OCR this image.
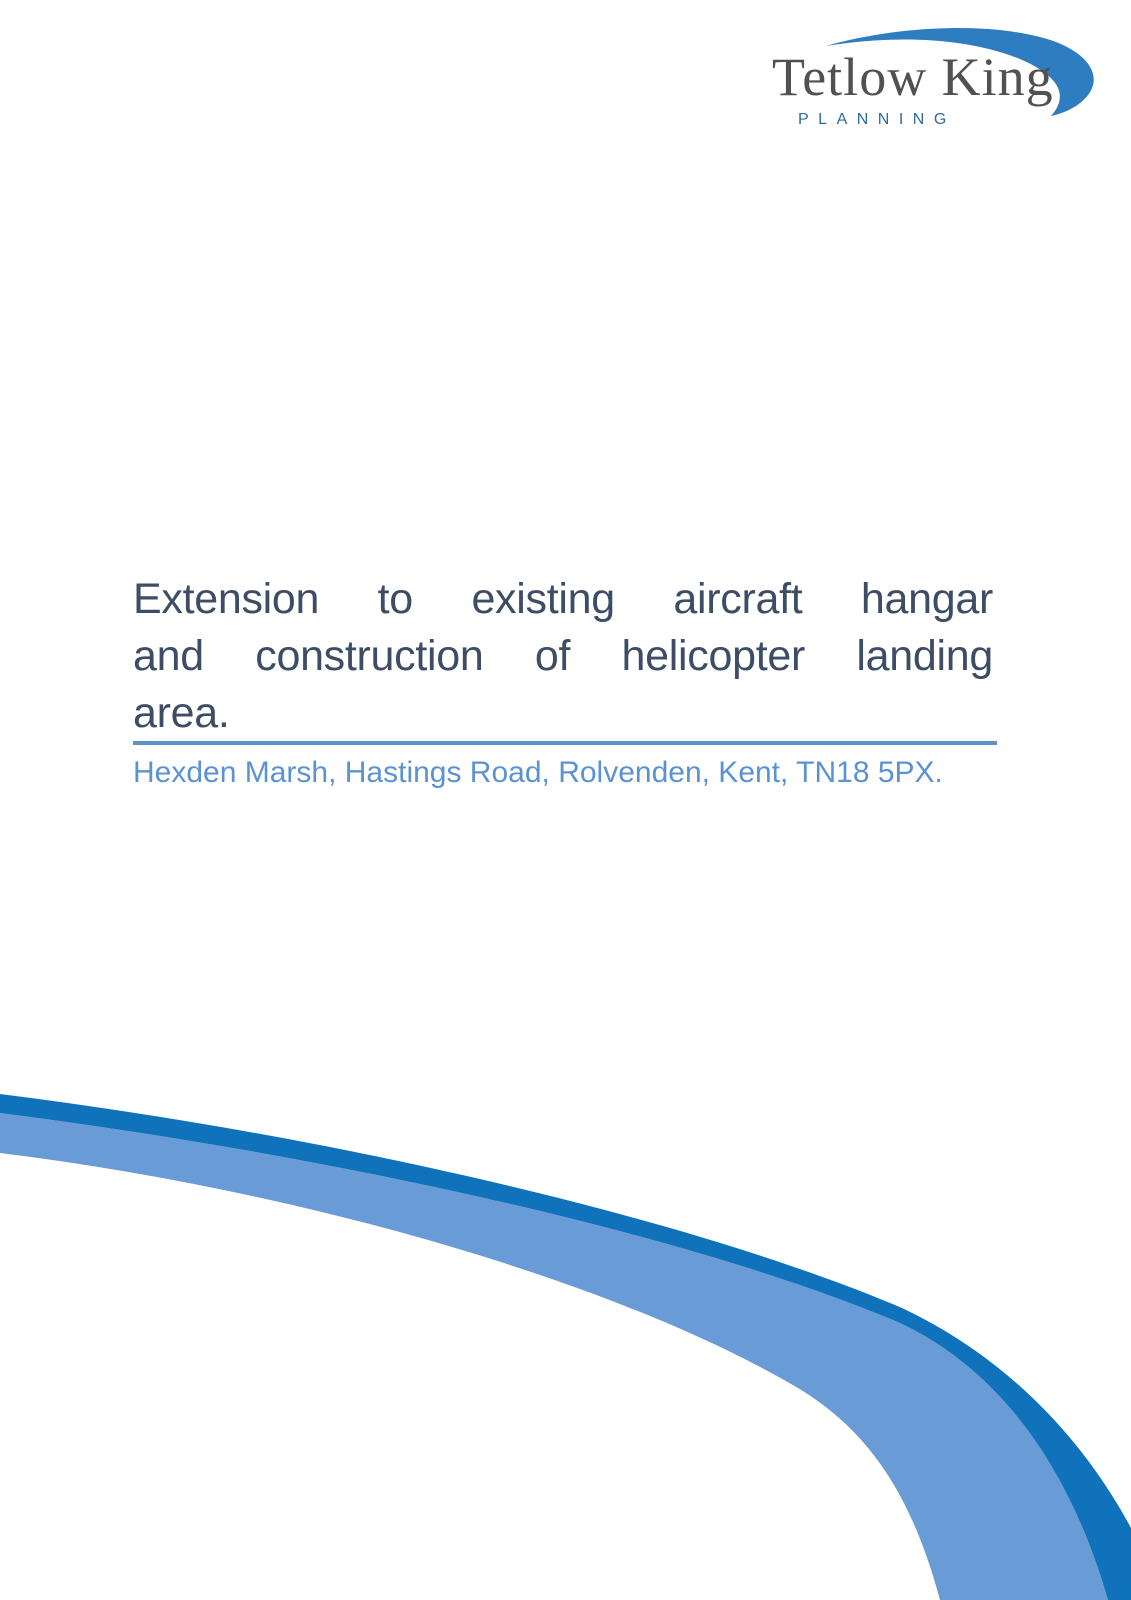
Tetlow King
PLANNING
Extension to existing aircraft hangar
and construction of helicopter landing
area.
Hexden Marsh, Hastings Road, Rolvenden, Kent, TN18 5PX.
